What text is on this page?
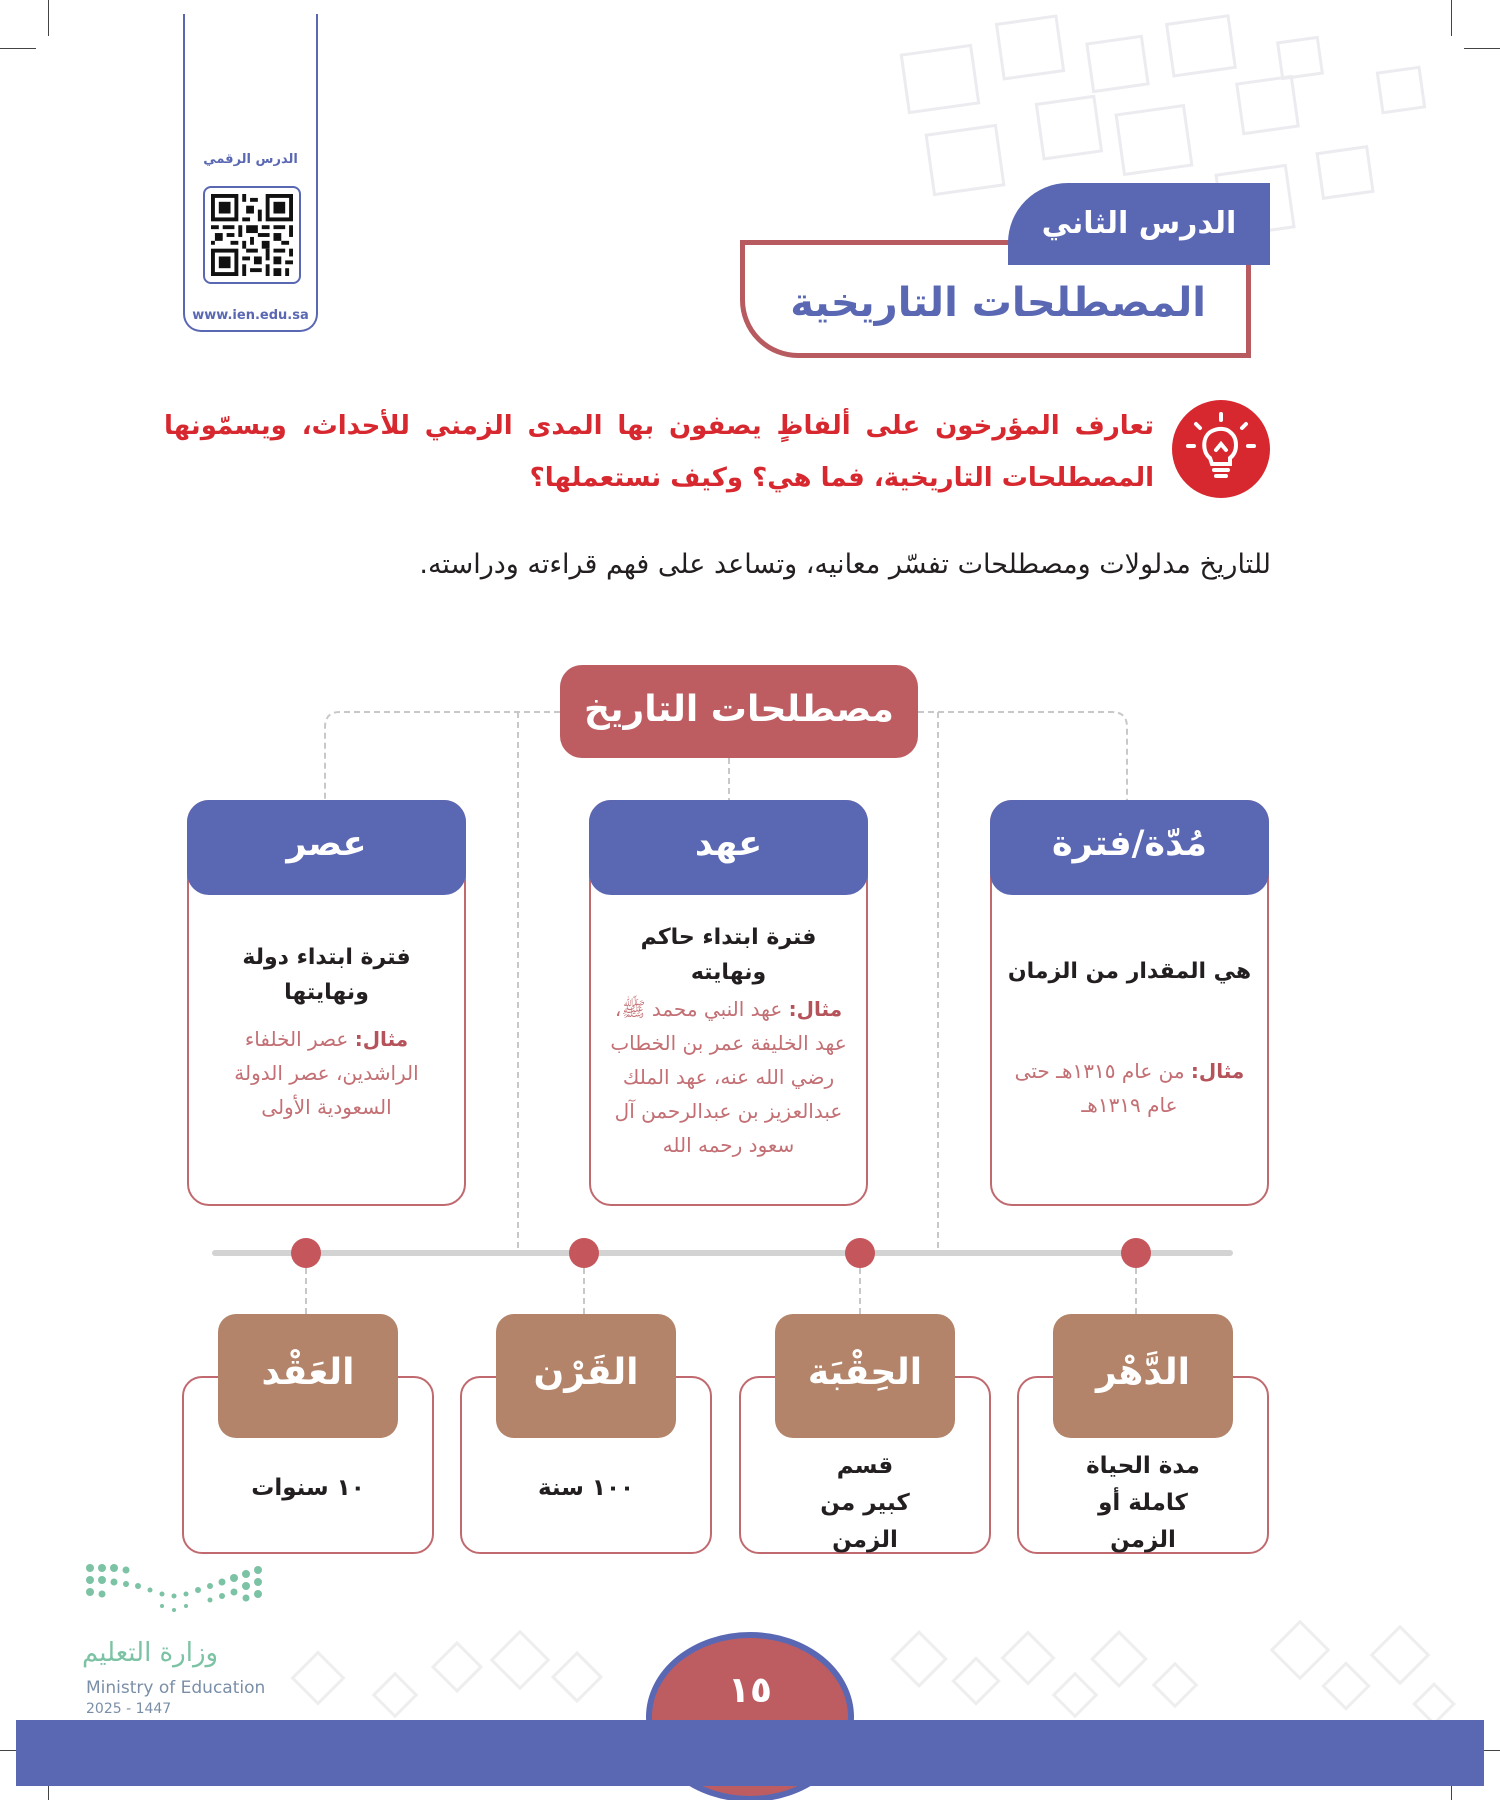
الدرس الرقمي
www.ien.edu.sa	المصطلحات التاريخية
الدرس الثاني
تعارف المؤرخون على ألفاظٍ يصفون بها المدى الزمني للأحداث، ويسمّونها المصطلحات التاريخية، فما هي؟ وكيف نستعملها؟
للتاريخ مدلولات ومصطلحات تفسّر معانيه، وتساعد على فهم قراءته ودراسته.
مصطلحات التاريخ
مُدّة/فترة
هي المقدار من الزمان
مثال: من عام ١٣١٥هـ حتى عام ١٣١٩هـ
عهد
فترة ابتداء حاكم ونهايته
مثال: عهد النبي محمد ﷺ، عهد الخليفة عمر بن الخطاب رضي الله عنه، عهد الملك عبدالعزيز بن عبدالرحمن آل سعود رحمه الله
عصر
فترة ابتداء دولة ونهايتها
مثال: عصر الخلفاء الراشدين، عصر الدولة السعودية الأولى
مدة الحياة كاملة أو الزمن
الدَّهْر
قسم كبير من الزمن
الحِقْبَة
١٠٠ سنة
القَرْن
١٠ سنوات
العَقْد
وزارة التعليم
Ministry of Education
2025 - 1447	١٥
